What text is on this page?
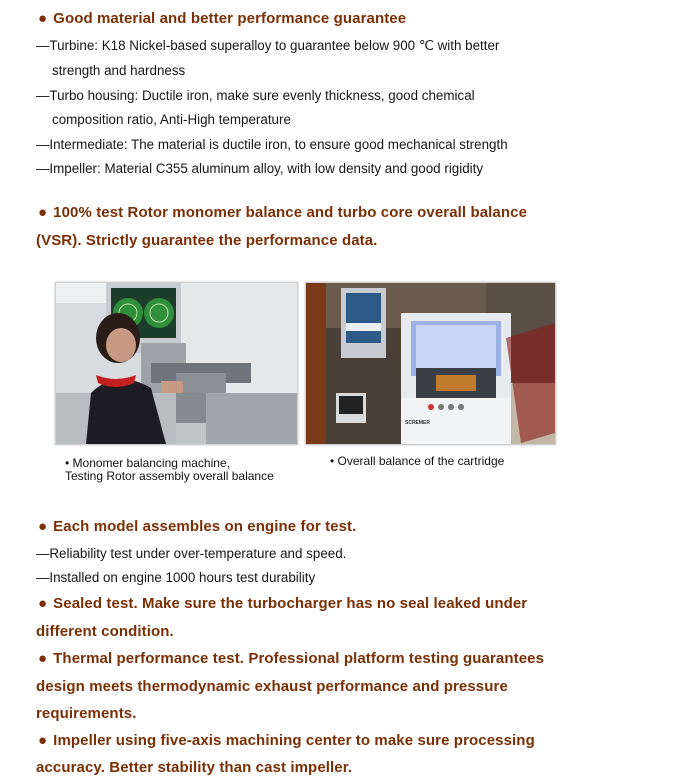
● Good material and better performance guarantee
—Turbine: K18 Nickel-based superalloy to guarantee below 900 ℃ with better
strength and hardness
—Turbo housing: Ductile iron, make sure evenly thickness, good chemical
composition ratio, Anti-High temperature
—Intermediate: The material is ductile iron, to ensure good mechanical strength
—Impeller: Material C355 aluminum alloy, with low density and good rigidity
● 100% test Rotor monomer balance and turbo core overall balance
(VSR). Strictly guarantee the performance data.
SCREMER
• Monomer balancing machine，
Testing Rotor assembly overall balance
• Overall balance of the cartridge
● Each model assembles on engine for test.
—Reliability test under over-temperature and speed.
—Installed on engine 1000 hours test durability
● Sealed test. Make sure the turbocharger has no seal leaked under
different condition.
● Thermal performance test. Professional platform testing guarantees
design meets thermodynamic exhaust performance and pressure
requirements.
● Impeller using five-axis machining center to make sure processing
accuracy. Better stability than cast impeller.
